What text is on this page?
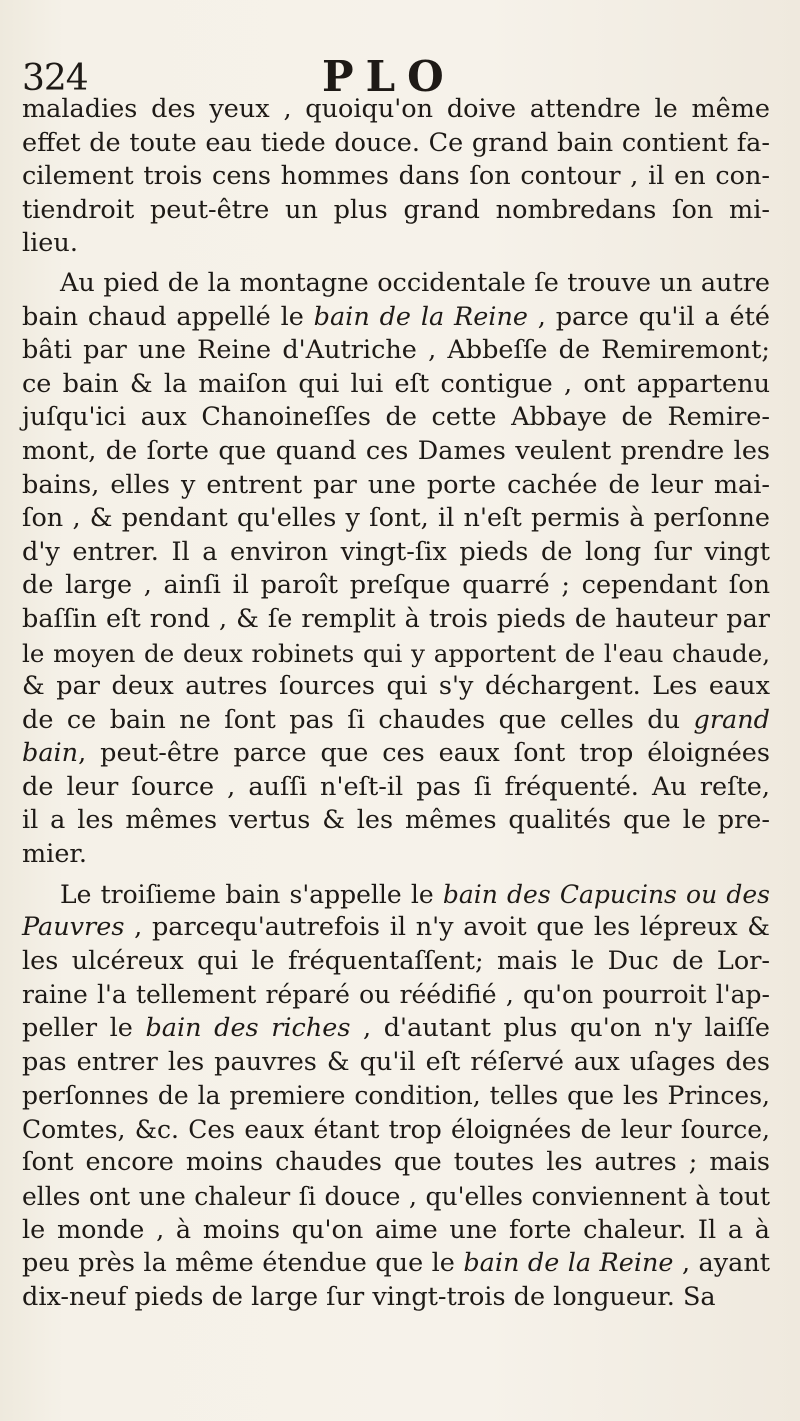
324	PLO
maladies des yeux , quoiqu'on doive attendre le même
effet de toute eau tiede douce. Ce grand bain contient fa-
cilement trois cens hommes dans ſon contour , il en con-
tiendroit peut-être un plus grand nombredans ſon mi-
lieu.
Au pied de la montagne occidentale ſe trouve un autre
bain chaud appellé le bain de la Reine , parce qu'il a été
bâti par une Reine d'Autriche , Abbeſſe de Remiremont;
ce bain & la maiſon qui lui eſt contigue , ont appartenu
juſqu'ici aux Chanoineſſes de cette Abbaye de Remire-
mont, de ſorte que quand ces Dames veulent prendre les
bains, elles y entrent par une porte cachée de leur mai-
ſon , & pendant qu'elles y ſont, il n'eſt permis à perſonne
d'y entrer. Il a environ vingt-ſix pieds de long ſur vingt
de large , ainſi il paroît preſque quarré ; cependant ſon
baſſin eſt rond , & ſe remplit à trois pieds de hauteur par
le moyen de deux robinets qui y apportent de l'eau chaude,
& par deux autres ſources qui s'y déchargent. Les eaux
de ce bain ne ſont pas ſi chaudes que celles du grand
bain, peut-être parce que ces eaux ſont trop éloignées
de leur ſource , auſſi n'eſt-il pas ſi fréquenté. Au reſte,
il a les mêmes vertus & les mêmes qualités que le pre-
mier.
Le troiſieme bain s'appelle le bain des Capucins ou des
Pauvres , parcequ'autrefois il n'y avoit que les lépreux &
les ulcéreux qui le fréquentaſſent; mais le Duc de Lor-
raine l'a tellement réparé ou réédifié , qu'on pourroit l'ap-
peller le bain des riches , d'autant plus qu'on n'y laiſſe
pas entrer les pauvres & qu'il eſt réſervé aux uſages des
perſonnes de la premiere condition, telles que les Princes,
Comtes, &c. Ces eaux étant trop éloignées de leur ſource,
ſont encore moins chaudes que toutes les autres ; mais
elles ont une chaleur ſi douce , qu'elles conviennent à tout
le monde , à moins qu'on aime une forte chaleur. Il a à
peu près la même étendue que le bain de la Reine , ayant
dix-neuf pieds de large ſur vingt-trois de longueur. Sa
